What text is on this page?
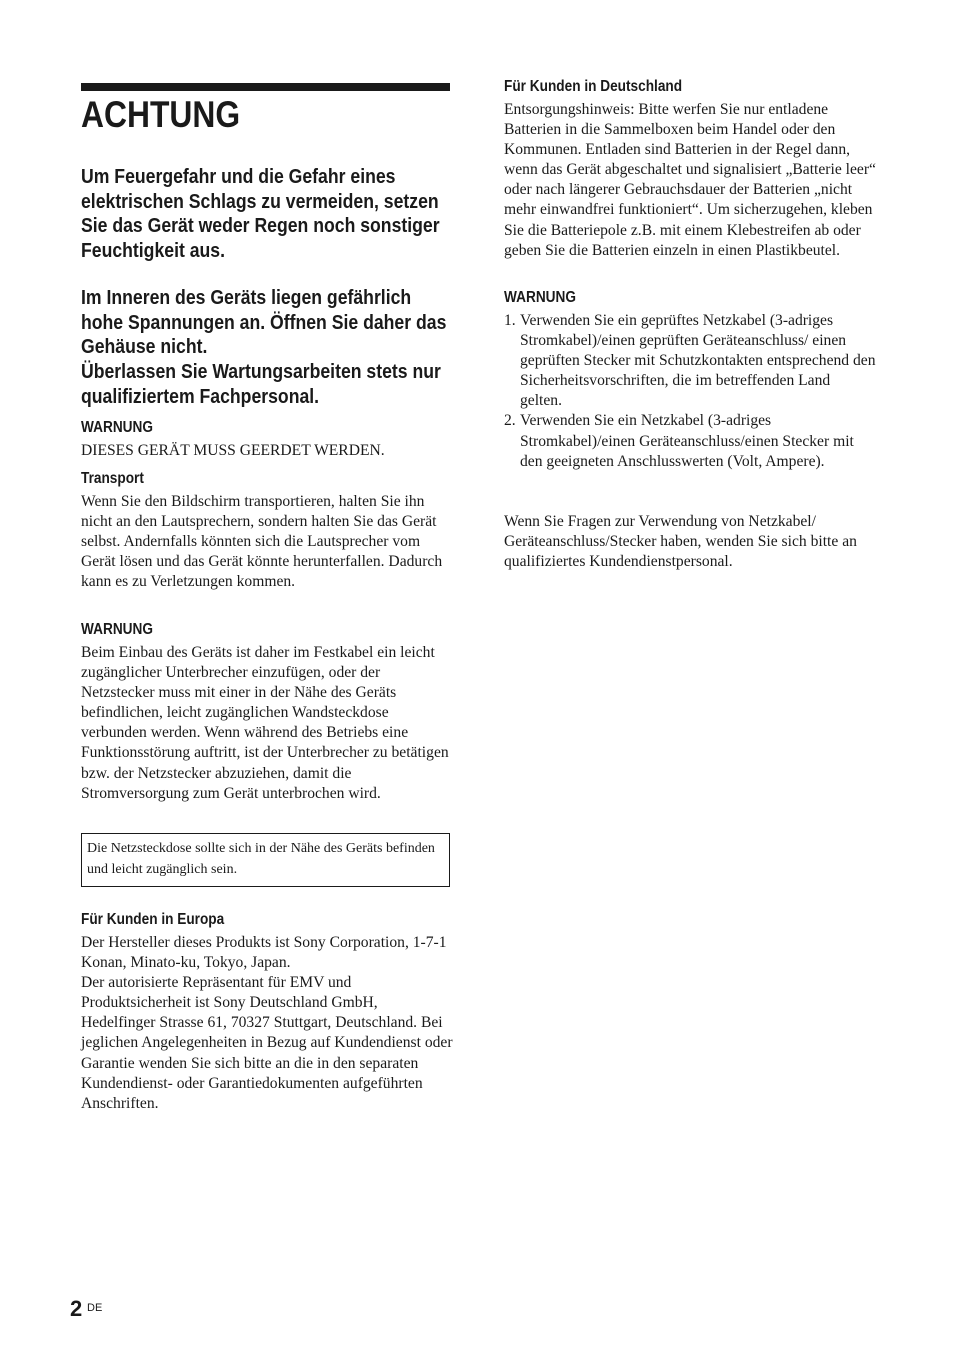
ACHTUNG

Um Feuergefahr und die Gefahr eines elektrischen Schlags zu vermeiden, setzen Sie das Gerät weder Regen noch sonstiger Feuchtigkeit aus.

Im Inneren des Geräts liegen gefährlich hohe Spannungen an. Öffnen Sie daher das Gehäuse nicht.

Überlassen Sie Wartungsarbeiten stets nur qualifiziertem Fachpersonal.

WARNUNG

DIESES GERÄT MUSS GEERDET WERDEN.

Transport

Wenn Sie den Bildschirm transportieren, halten Sie ihn nicht an den Lautsprechern, sondern halten Sie das Gerät selbst. Andernfalls könnten sich die Lautsprecher vom Gerät lösen und das Gerät könnte herunterfallen. Dadurch kann es zu Verletzungen kommen.

WARNUNG

Beim Einbau des Geräts ist daher im Festkabel ein leicht zugänglicher Unterbrecher einzufügen, oder der Netzstecker muss mit einer in der Nähe des Geräts befindlichen, leicht zugänglichen Wandsteckdose verbunden werden. Wenn während des Betriebs eine Funktionsstörung auftritt, ist der Unterbrecher zu betätigen bzw. der Netzstecker abzuziehen, damit die Stromversorgung zum Gerät unterbrochen wird.

Die Netzsteckdose sollte sich in der Nähe des Geräts befinden und leicht zugänglich sein.
Für Kunden in Europa

Der Hersteller dieses Produkts ist Sony Corporation, 1-7-1 Konan, Minato-ku, Tokyo, Japan.
Der autorisierte Repräsentant für EMV und Produktsicherheit ist Sony Deutschland GmbH, Hedelfinger Strasse 61, 70327 Stuttgart, Deutschland. Bei jeglichen Angelegenheiten in Bezug auf Kundendienst oder Garantie wenden Sie sich bitte an die in den separaten Kundendienst- oder Garantiedokumenten aufgeführten Anschriften.

Für Kunden in Deutschland

Entsorgungshinweis: Bitte werfen Sie nur entladene Batterien in die Sammelboxen beim Handel oder den Kommunen. Entladen sind Batterien in der Regel dann, wenn das Gerät abgeschaltet und signalisiert „Batterie leer“ oder nach längerer Gebrauchsdauer der Batterien „nicht mehr einwandfrei funktioniert“. Um sicherzugehen, kleben Sie die Batteriepole z.B. mit einem Klebestreifen ab oder geben Sie die Batterien einzeln in einen Plastikbeutel.

WARNUNG
1. Verwenden Sie ein geprüftes Netzkabel (3-adriges Stromkabel)/einen geprüften Geräteanschluss/ einen geprüften Stecker mit Schutzkontakten entsprechend den Sicherheitsvorschriften, die im betreffenden Land gelten.
2. Verwenden Sie ein Netzkabel (3-adriges Stromkabel)/einen Geräteanschluss/einen Stecker mit den geeigneten Anschlusswerten (Volt, Ampere).

Wenn Sie Fragen zur Verwendung von Netzkabel/ Geräteanschluss/Stecker haben, wenden Sie sich bitte an qualifiziertes Kundendienstpersonal.

2 DE
